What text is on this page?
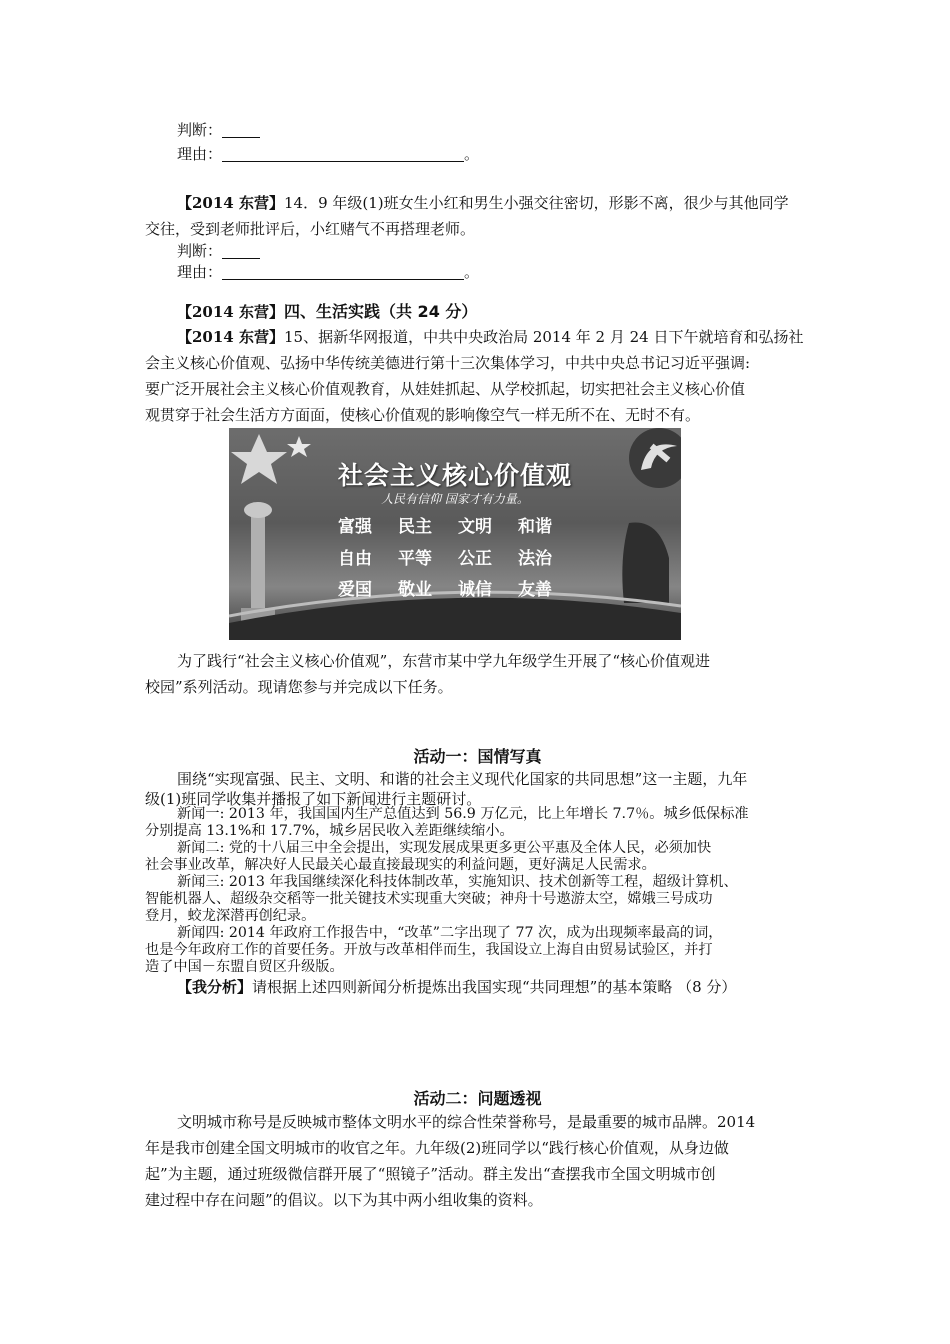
判断：
理由：	。
【2014 东营】14．9 年级(1)班女生小红和男生小强交往密切，形影不离，很少与其他同学
交往，受到老师批评后，小红赌气不再搭理老师。
判断：
理由：	。
【2014 东营】四、生活实践（共 24 分）
【2014 东营】15、据新华网报道，中共中央政治局 2014 年 2 月 24 日下午就培育和弘扬社
会主义核心价值观、弘扬中华传统美德进行第十三次集体学习，中共中央总书记习近平强调:
要广泛开展社会主义核心价值观教育，从娃娃抓起、从学校抓起，切实把社会主义核心价值
观贯穿于社会生活方方面面，使核心价值观的影响像空气一样无所不在、无时不有。
社会主义核心价值观
人民有信仰 国家才有力量。
富强 民主 文明 和谐
自由 平等 公正 法治
爱国 敬业 诚信 友善
为了践行“社会主义核心价值观”，东营市某中学九年级学生开展了“核心价值观进
校园”系列活动。现请您参与并完成以下任务。
活动一：国情写真
围绕“实现富强、民主、文明、和谐的社会主义现代化国家的共同思想”这一主题，九年
级(1)班同学收集并播报了如下新闻进行主题研讨。
新闻一: 2013 年，我国国内生产总值达到 56.9 万亿元，比上年增长 7.7％。城乡低保标准
分别提高 13.1%和 17.7%，城乡居民收入差距继续缩小。
新闻二: 党的十八届三中全会提出，实现发展成果更多更公平惠及全体人民，必须加快
社会事业改革，解决好人民最关心最直接最现实的利益问题，更好满足人民需求。
新闻三: 2013 年我国继续深化科技体制改革，实施知识、技术创新等工程，超级计算机、
智能机器人、超级杂交稻等一批关键技术实现重大突破；神舟十号遨游太空，嫦娥三号成功
登月，蛟龙深潜再创纪录。
新闻四: 2014 年政府工作报告中，“改革”二字出现了 77 次，成为出现频率最高的词，
也是今年政府工作的首要任务。开放与改革相伴而生，我国设立上海自由贸易试验区，并打
造了中国－东盟自贸区升级版。
【我分析】请根据上述四则新闻分析提炼出我国实现“共同理想”的基本策略 （8 分）
活动二：问题透视
文明城市称号是反映城市整体文明水平的综合性荣誉称号，是最重要的城市品牌。2014
年是我市创建全国文明城市的收官之年。九年级(2)班同学以“践行核心价值观，从身边做
起”为主题，通过班级微信群开展了“照镜子”活动。群主发出“查摆我市全国文明城市创
建过程中存在问题”的倡议。以下为其中两小组收集的资料。
